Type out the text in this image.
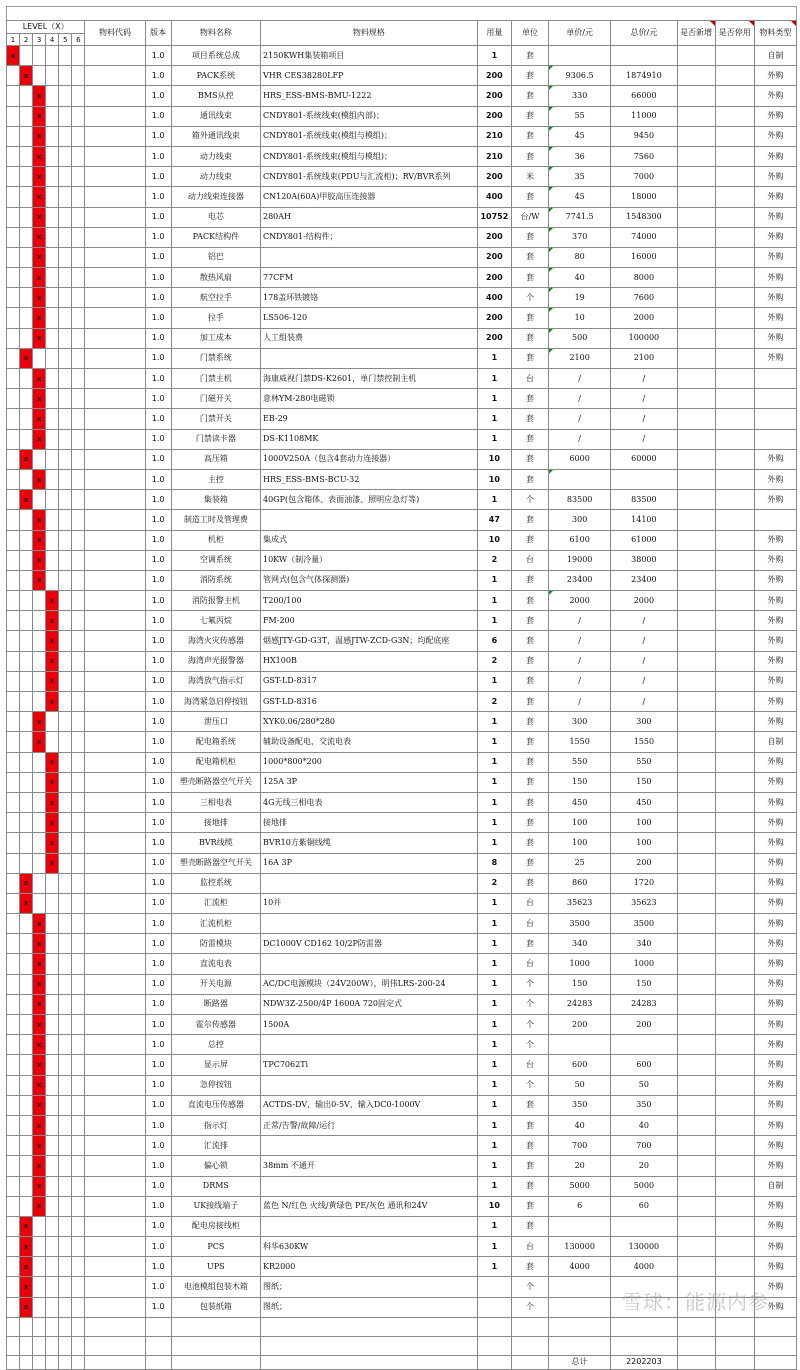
LEVEL（X）						物料代码	版本	物料名称	物料规格	用量	单位	单价/元	总价/元	是否新增	是否停用	物料类型
1	2	3	4	5	6											
x							1.0	项目系统总成	2150KWH集装箱项目	1	套					自制
	x						1.0	PACK系统	VHR CES38280LFP	200	套	9306.5	1874910			外购
		x					1.0	BMS从控	HRS_ESS-BMS-BMU-1222	200	套	330	66000			外购
		x					1.0	通讯线束	CNDY801-系统线束(模组内部)；	200	套	55	11000			外购
		x					1.0	箱外通讯线束	CNDY801-系统线束(模组与模组)；	210	套	45	9450			外购
		x					1.0	动力线束	CNDY801-系统线束(模组与模组)；	210	套	36	7560			外购
		x					1.0	动力线束	CNDY801-系统线束(PDU与汇流柜)；RV/BVR系列	200	米	35	7000			外购
		x					1.0	动力线束连接器	CN120A(60A)甲胶高压连接器	400	套	45	18000			外购
		x					1.0	电芯	280AH	10752	台/W	7741.5	1548300			外购
		x					1.0	PACK结构件	CNDY801-结构件；	200	套	370	74000			外购
		x					1.0	铝巴		200	套	80	16000			外购
		x					1.0	散热风扇	77CFM	200	套	40	8000			外购
		x					1.0	航空拉手	178盖环铁镀铬	400	个	19	7600			外购
		x					1.0	拉手	LS506-120	200	套	10	2000			外购
		x					1.0	加工成本	人工组装费	200	套	500	100000			外购
	x						1.0	门禁系统		1	套	2100	2100			外购
		x					1.0	门禁主机	海康威视门禁DS-K2601，单门禁控制主机	1	台	/	/			
		x					1.0	门磁开关	意林YM-280电磁锁	1	套	/	/			
		x					1.0	门禁开关	EB-29	1	套	/	/			
		x					1.0	门禁读卡器	DS-K1108MK	1	套	/	/			
	x						1.0	高压箱	1000V250A（包含4套动力连接器）	10	套	6000	60000			外购
		x					1.0	主控	HRS_ESS-BMS-BCU-32	10	套					外购
	x						1.0	集装箱	40GP(包含箱体、表面油漆、照明应急灯等)	1	个	83500	83500			外购
		x					1.0	制造工时及管理费		47	套	300	14100			
		x					1.0	机柜	集成式	10	套	6100	61000			外购
		x					1.0	空调系统	10KW（制冷量）	2	台	19000	38000			外购
		x					1.0	消防系统	管网式(包含气体探测器)	1	套	23400	23400			外购
			x				1.0	消防报警主机	T200/100	1	套	2000	2000			外购
			x				1.0	七氟丙烷	FM-200	1	套	/	/			外购
			x				1.0	海湾火灾传感器	烟感JTY-GD-G3T，温感JTW-ZCD-G3N；均配底座	6	套	/	/			外购
			x				1.0	海湾声光报警器	HX100B	2	套	/	/			外购
			x				1.0	海湾放气指示灯	GST-LD-8317	1	套	/	/			外购
			x				1.0	海湾紧急启停按钮	GST-LD-8316	2	套	/	/			外购
		x					1.0	泄压口	XYK0.06/280*280	1	套	300	300			外购
		x					1.0	配电箱系统	辅助设备配电，交流电表	1	套	1550	1550			自制
			x				1.0	配电箱机柜	1000*800*200	1	套	550	550			外购
			x				1.0	塑壳断路器空气开关	125A 3P	1	套	150	150			外购
			x				1.0	三相电表	4G无线三相电表	1	套	450	450			外购
			x				1.0	接地排	接地排	1	套	100	100			外购
			x				1.0	BVR线缆	BVR10方紫铜线缆	1	套	100	100			外购
			x				1.0	塑壳断路器空气开关	16A 3P	8	套	25	200			外购
	x						1.0	监控系统		2	套	860	1720			外购
	x						1.0	汇流柜	10并	1	台	35623	35623			外购
		x					1.0	汇流机柜		1	台	3500	3500			外购
		x					1.0	防雷模块	DC1000V CD162 10/2P防雷器	1	套	340	340			外购
		x					1.0	直流电表		1	台	1000	1000			外购
		x					1.0	开关电源	AC/DC电源模块（24V200W），明伟LRS-200-24	1	个	150	150			外购
		x					1.0	断路器	NDW3Z-2500/4P 1600A 720固定式	1	个	24283	24283			外购
		x					1.0	霍尔传感器	1500A	1	个	200	200			外购
		x					1.0	总控		1	个					外购
		x					1.0	显示屏	TPC7062Ti	1	台	600	600			外购
		x					1.0	急停按钮		1	个	50	50			外购
		x					1.0	直流电压传感器	ACTDS-DV，输出0-5V，输入DC0-1000V	1	套	350	350			外购
		x					1.0	指示灯	正常/告警/故障/运行	1	套	40	40			外购
		x					1.0	汇流排		1	套	700	700			外购
		x					1.0	偏心锁	38mm 不通开	1	套	20	20			外购
		x					1.0	DRMS		1	套	5000	5000			自制
		x					1.0	UK接线端子	蓝色 N/红色 火线/黄绿色 PE/灰色 通讯和24V	10	套	6	60			外购
	x						1.0	配电房接线柜		1	套					外购
	x						1.0	PCS	科华630KW	1	台	130000	130000			外购
	x						1.0	UPS	KR2000	1	套	4000	4000			外购
	x						1.0	电池模组包装木箱	图纸；		个					外购
	x						1.0	包装纸箱	图纸；		个					外购

												总计	2202203			
雪球：能源内参
